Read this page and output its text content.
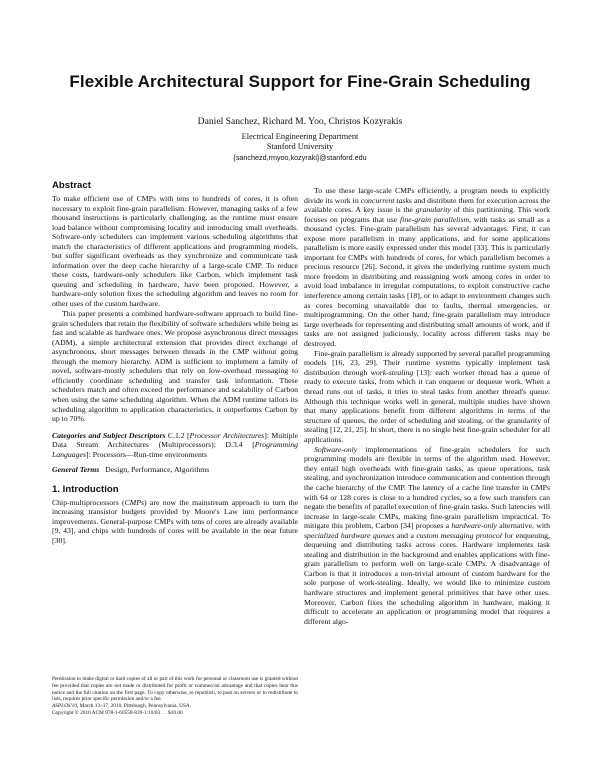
Flexible Architectural Support for Fine-Grain Scheduling
Daniel Sanchez, Richard M. Yoo, Christos Kozyrakis
Electrical Engineering Department
Stanford University
{sanchezd,rmyoo,kozyraki}@stanford.edu
Abstract

To make efficient use of CMPs with tens to hundreds of cores, it is often necessary to exploit fine-grain parallelism. However, managing tasks of a few thousand instructions is particularly challenging, as the runtime must ensure load balance without compromising locality and introducing small overheads. Software-only schedulers can implement various scheduling algorithms that match the characteristics of different applications and programming models, but suffer significant overheads as they synchronize and communicate task information over the deep cache hierarchy of a large-scale CMP. To reduce these costs, hardware-only schedulers like Carbon, which implement task queuing and scheduling in hardware, have been proposed. However, a hardware-only solution fixes the scheduling algorithm and leaves no room for other uses of the custom hardware.

This paper presents a combined hardware-software approach to build fine-grain schedulers that retain the flexibility of software schedulers while being as fast and scalable as hardware ones. We propose asynchronous direct messages (ADM), a simple architectural extension that provides direct exchange of asynchronous, short messages between threads in the CMP without going through the memory hierarchy. ADM is sufficient to implement a family of novel, software-mostly schedulers that rely on low-overhead messaging to efficiently coordinate scheduling and transfer task information. These schedulers match and often exceed the performance and scalability of Carbon when using the same scheduling algorithm. When the ADM runtime tailors its scheduling algorithm to application characteristics, it outperforms Carbon by up to 70%.

Categories and Subject Descriptors C.1.2 [Processor Architectures]: Multiple Data Stream Architectures (Multiprocessors); D.3.4 [Programming Languages]: Processors—Run-time environments

General Terms Design, Performance, Algorithms

1. Introduction

Chip-multiprocessors (CMPs) are now the mainstream approach to turn the increasing transistor budgets provided by Moore's Law into performance improvements. General-purpose CMPs with tens of cores are already available [9, 43], and chips with hundreds of cores will be available in the near future [30].

Permission to make digital or hard copies of all or part of this work for personal or classroom use is granted without fee provided that copies are not made or distributed for profit or commercial advantage and that copies bear this notice and the full citation on the first page. To copy otherwise, to republish, to post on servers or to redistribute to lists, requires prior specific permission and/or a fee.

ASPLOS'10, March 13–17, 2010, Pittsburgh, Pennsylvania, USA.

Copyright © 2010 ACM 978-1-60558-839-1/10/03. . . $10.00

To use these large-scale CMPs efficiently, a program needs to explicitly divide its work in concurrent tasks and distribute them for execution across the available cores. A key issue is the granularity of this partitioning. This work focuses on programs that use fine-grain parallelism, with tasks as small as a thousand cycles. Fine-grain parallelism has several advantages. First, it can expose more parallelism in many applications, and for some applications parallelism is more easily expressed under this model [33]. This is particularly important for CMPs with hundreds of cores, for which parallelism becomes a precious resource [26]. Second, it gives the underlying runtime system much more freedom in distributing and reassigning work among cores in order to avoid load imbalance in irregular computations, to exploit constructive cache interference among certain tasks [18], or to adapt to environment changes such as cores becoming unavailable due to faults, thermal emergencies, or multiprogramming. On the other hand, fine-grain parallelism may introduce large overheads for representing and distributing small amounts of work, and if tasks are not assigned judiciously, locality across different tasks may be destroyed.

Fine-grain parallelism is already supported by several parallel programming models [16, 23, 29]. Their runtime systems typically implement task distribution through work-stealing [13]: each worker thread has a queue of ready to execute tasks, from which it can enqueue or dequeue work. When a thread runs out of tasks, it tries to steal tasks from another thread's queue. Although this technique works well in general, multiple studies have shown that many applications benefit from different algorithms in terms of the structure of queues, the order of scheduling and stealing, or the granularity of stealing [12, 21, 25]. In short, there is no single best fine-grain scheduler for all applications.

Software-only implementations of fine-grain schedulers for such programming models are flexible in terms of the algorithm used. However, they entail high overheads with fine-grain tasks, as queue operations, task stealing, and synchronization introduce communication and contention through the cache hierarchy of the CMP. The latency of a cache line transfer in CMPs with 64 or 128 cores is close to a hundred cycles, so a few such transfers can negate the benefits of parallel execution of fine-grain tasks. Such latencies will increase in large-scale CMPs, making fine-grain parallelism impractical. To mitigate this problem, Carbon [34] proposes a hardware-only alternative, with specialized hardware queues and a custom messaging protocol for enqueuing, dequeuing and distributing tasks across cores. Hardware implements task stealing and distribution in the background and enables applications with fine-grain parallelism to perform well on large-scale CMPs. A disadvantage of Carbon is that it introduces a non-trivial amount of custom hardware for the sole purpose of work-stealing. Ideally, we would like to minimize custom hardware structures and implement general primitives that have other uses. Moreover, Carbon fixes the scheduling algorithm in hardware, making it difficult to accelerate an application or programming model that requires a different algo-
